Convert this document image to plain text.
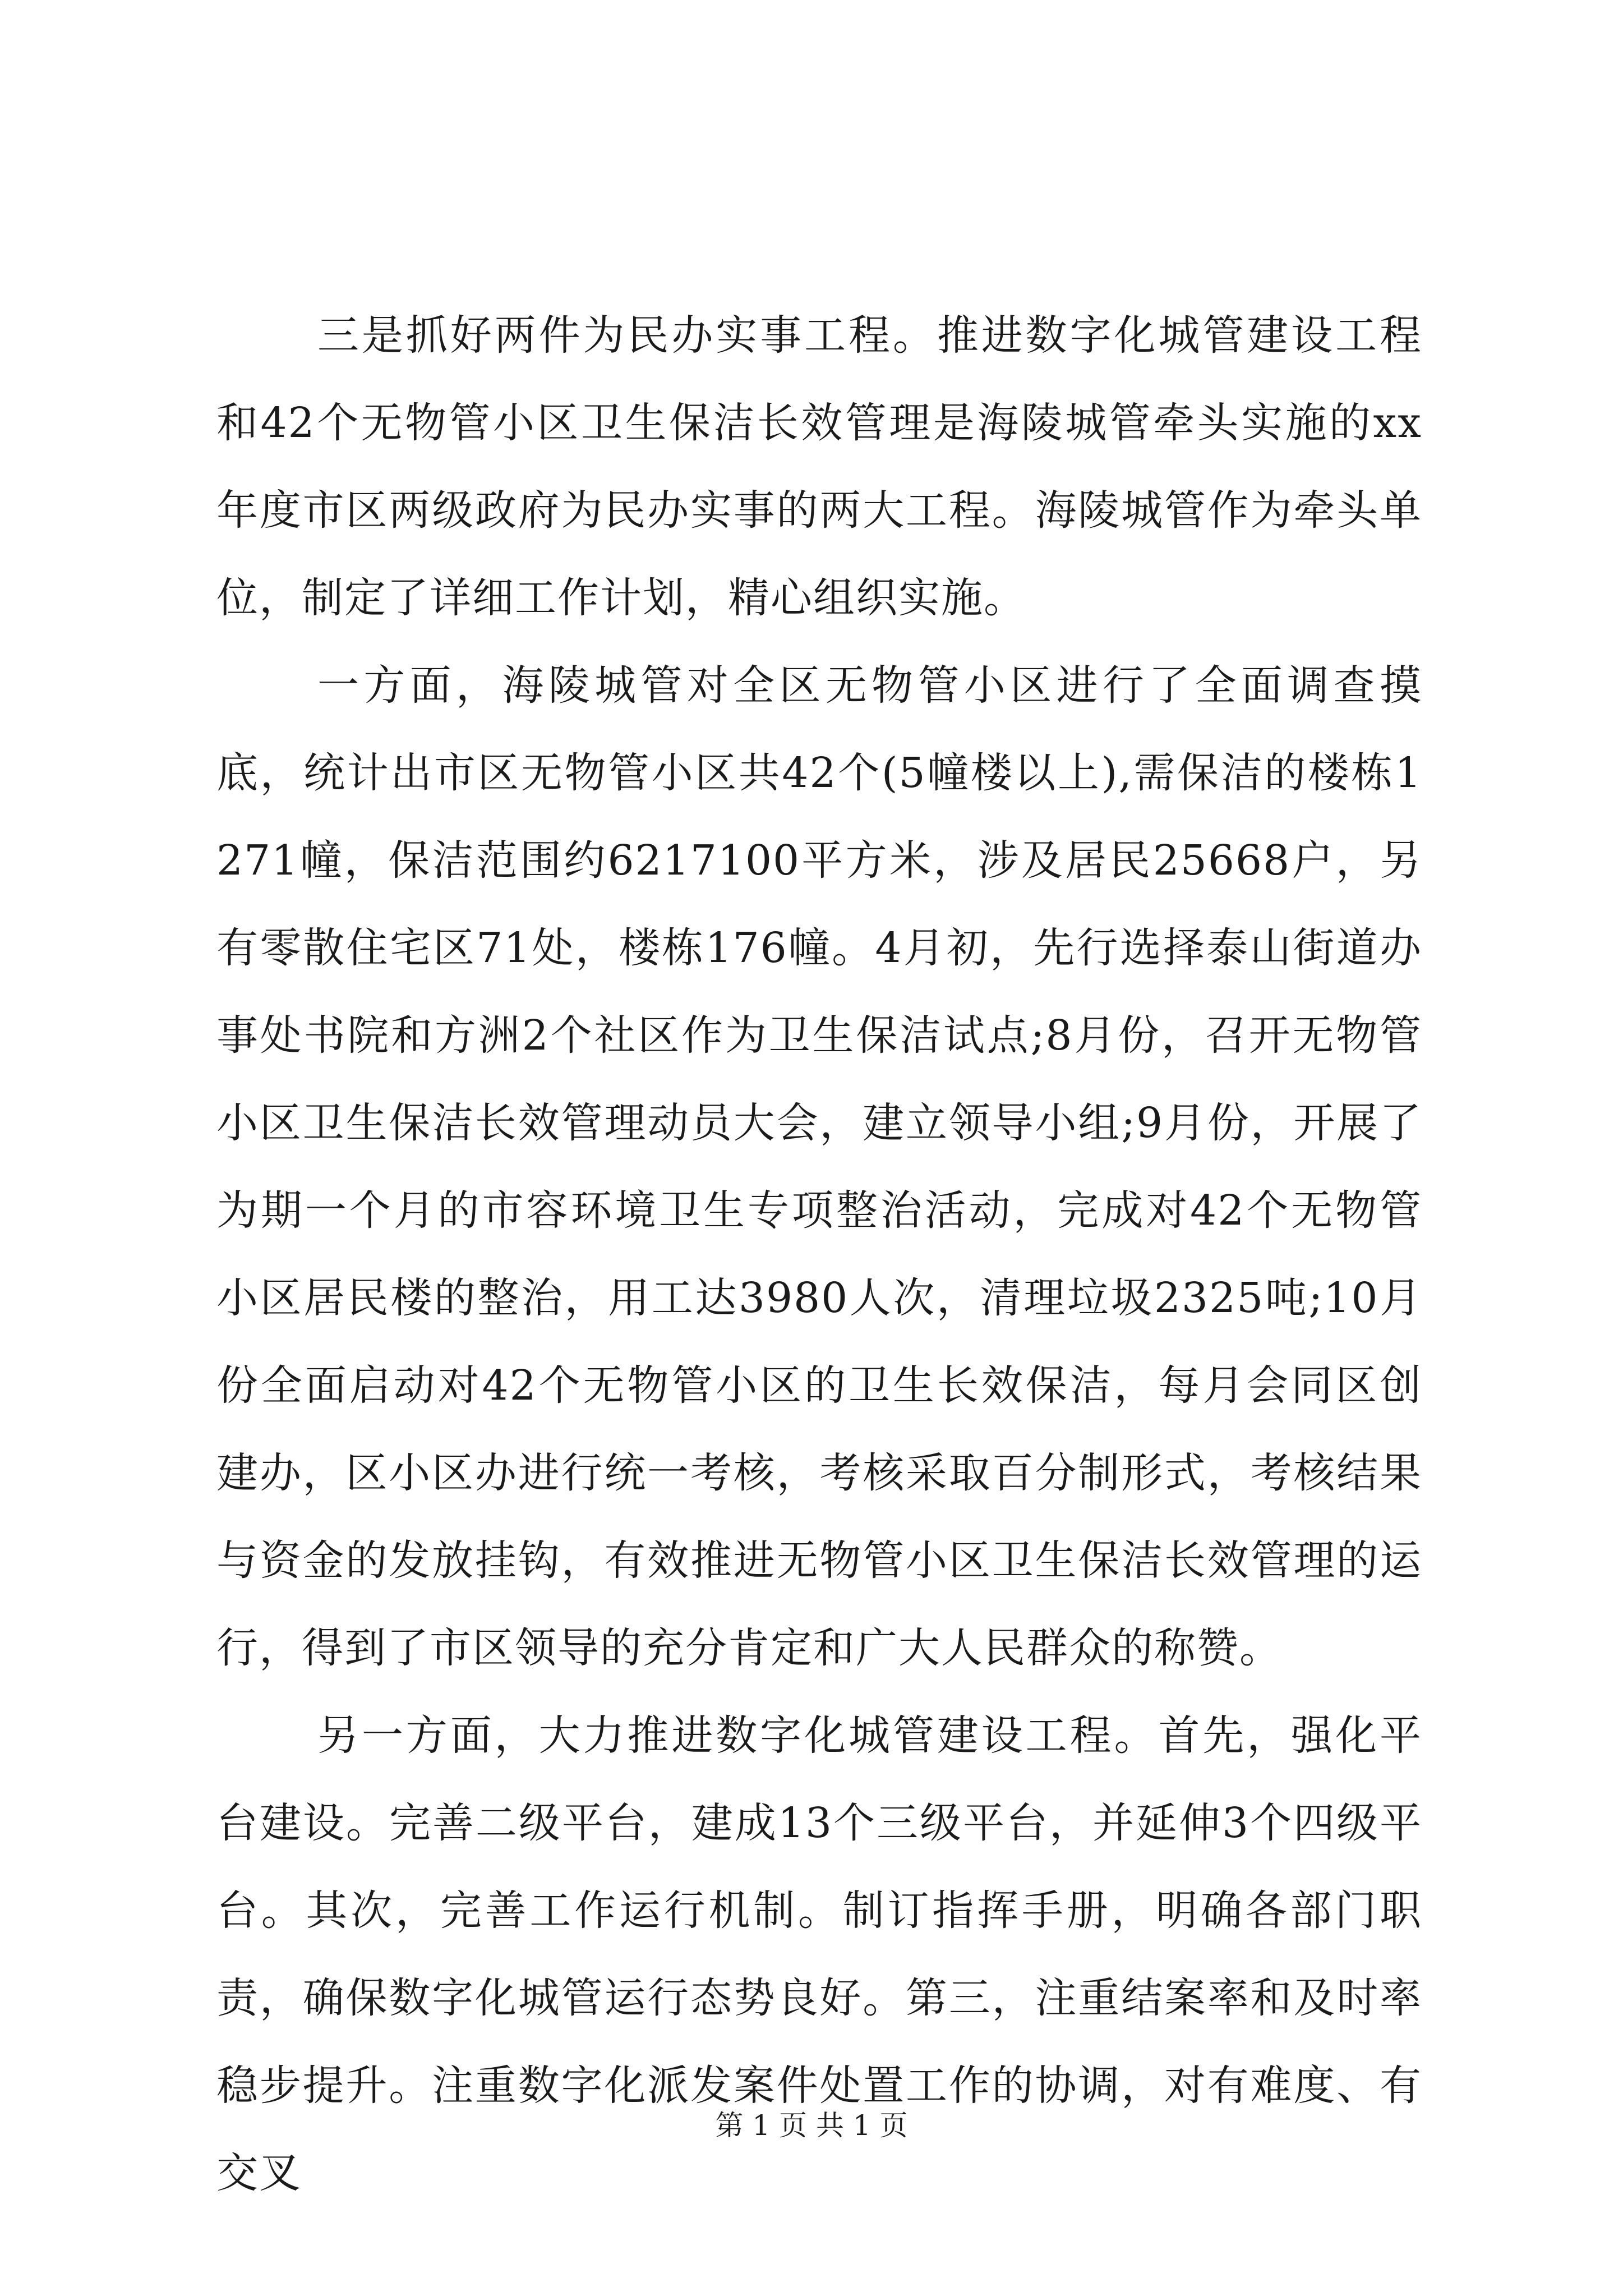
三是抓好两件为民办实事工程。推进数字化城管建设工程和42个无物管小区卫生保洁长效管理是海陵城管牵头实施的xx年度市区两级政府为民办实事的两大工程。海陵城管作为牵头单位，制定了详细工作计划，精心组织实施。

一方面，海陵城管对全区无物管小区进行了全面调查摸底，统计出市区无物管小区共42个(5幢楼以上),需保洁的楼栋1271幢，保洁范围约6217100平方米，涉及居民25668户，另有零散住宅区71处，楼栋176幢。4月初，先行选择泰山街道办事处书院和方洲2个社区作为卫生保洁试点;8月份，召开无物管小区卫生保洁长效管理动员大会，建立领导小组;9月份，开展了为期一个月的市容环境卫生专项整治活动，完成对42个无物管小区居民楼的整治，用工达3980人次，清理垃圾2325吨;10月份全面启动对42个无物管小区的卫生长效保洁，每月会同区创建办，区小区办进行统一考核，考核采取百分制形式，考核结果与资金的发放挂钩，有效推进无物管小区卫生保洁长效管理的运行，得到了市区领导的充分肯定和广大人民群众的称赞。

另一方面，大力推进数字化城管建设工程。首先，强化平台建设。完善二级平台，建成13个三级平台，并延伸3个四级平台。其次，完善工作运行机制。制订指挥手册，明确各部门职责，确保数字化城管运行态势良好。第三，注重结案率和及时率稳步提升。注重数字化派发案件处置工作的协调，对有难度、有交叉

第 1 页 共 1 页
